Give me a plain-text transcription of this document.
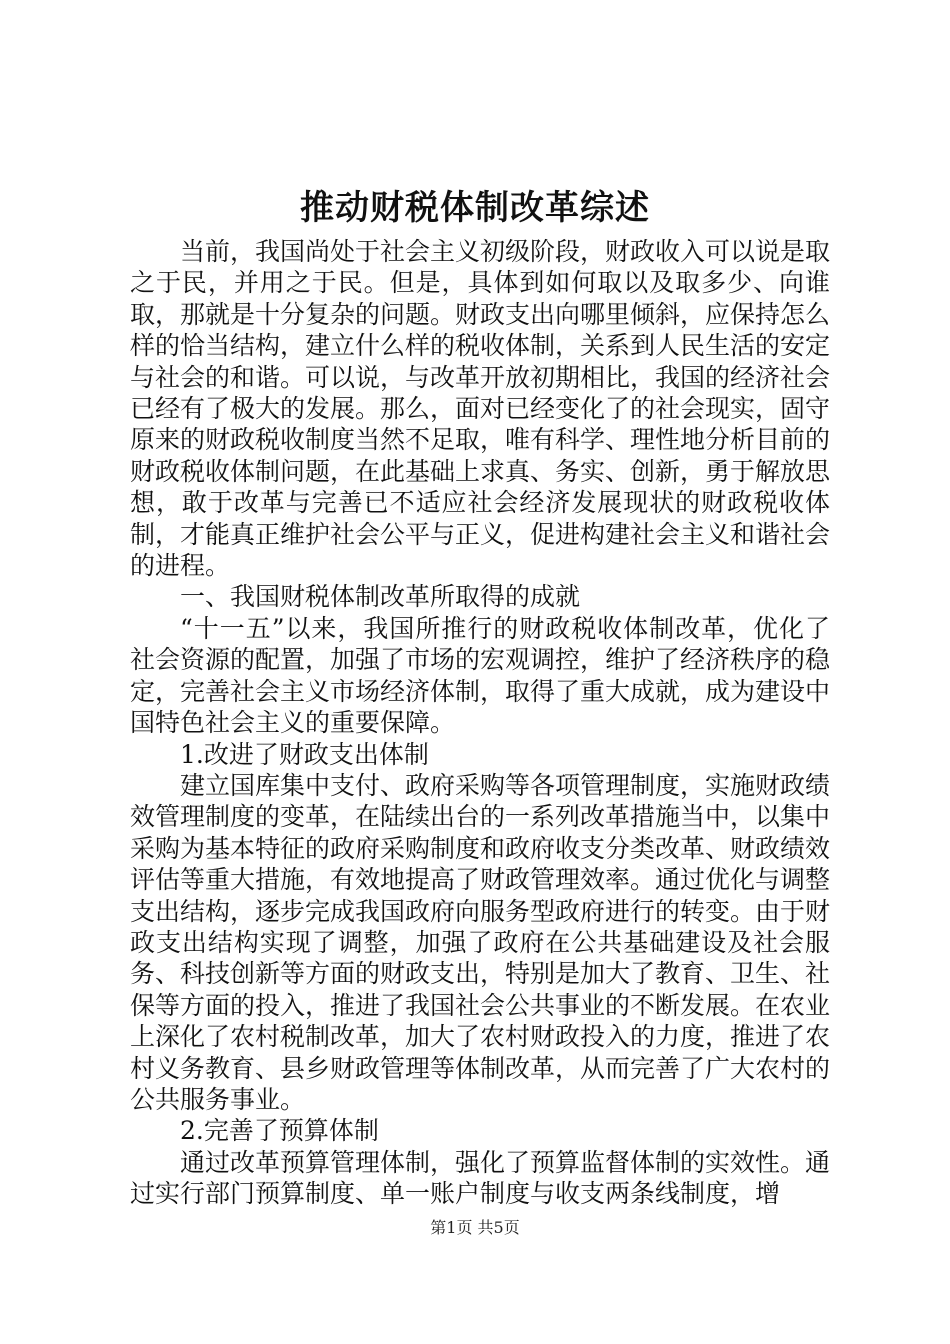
推动财税体制改革综述

当前，我国尚处于社会主义初级阶段，财政收入可以说是取之于民，并用之于民。但是，具体到如何取以及取多少、向谁取，那就是十分复杂的问题。财政支出向哪里倾斜，应保持怎么样的恰当结构，建立什么样的税收体制，关系到人民生活的安定与社会的和谐。可以说，与改革开放初期相比，我国的经济社会已经有了极大的发展。那么，面对已经变化了的社会现实，固守原来的财政税收制度当然不足取，唯有科学、理性地分析目前的财政税收体制问题，在此基础上求真、务实、创新，勇于解放思想，敢于改革与完善已不适应社会经济发展现状的财政税收体制，才能真正维护社会公平与正义，促进构建社会主义和谐社会的进程。

一、我国财税体制改革所取得的成就

“十一五”以来，我国所推行的财政税收体制改革，优化了社会资源的配置，加强了市场的宏观调控，维护了经济秩序的稳定，完善社会主义市场经济体制，取得了重大成就，成为建设中国特色社会主义的重要保障。

1.改进了财政支出体制

建立国库集中支付、政府采购等各项管理制度，实施财政绩效管理制度的变革，在陆续出台的一系列改革措施当中，以集中采购为基本特征的政府采购制度和政府收支分类改革、财政绩效评估等重大措施，有效地提高了财政管理效率。通过优化与调整支出结构，逐步完成我国政府向服务型政府进行的转变。由于财政支出结构实现了调整，加强了政府在公共基础建设及社会服务、科技创新等方面的财政支出，特别是加大了教育、卫生、社保等方面的投入，推进了我国社会公共事业的不断发展。在农业上深化了农村税制改革，加大了农村财政投入的力度，推进了农村义务教育、县乡财政管理等体制改革，从而完善了广大农村的公共服务事业。

2.完善了预算体制

通过改革预算管理体制，强化了预算监督体制的实效性。通过实行部门预算制度、单一账户制度与收支两条线制度，增

第1页 共5页
